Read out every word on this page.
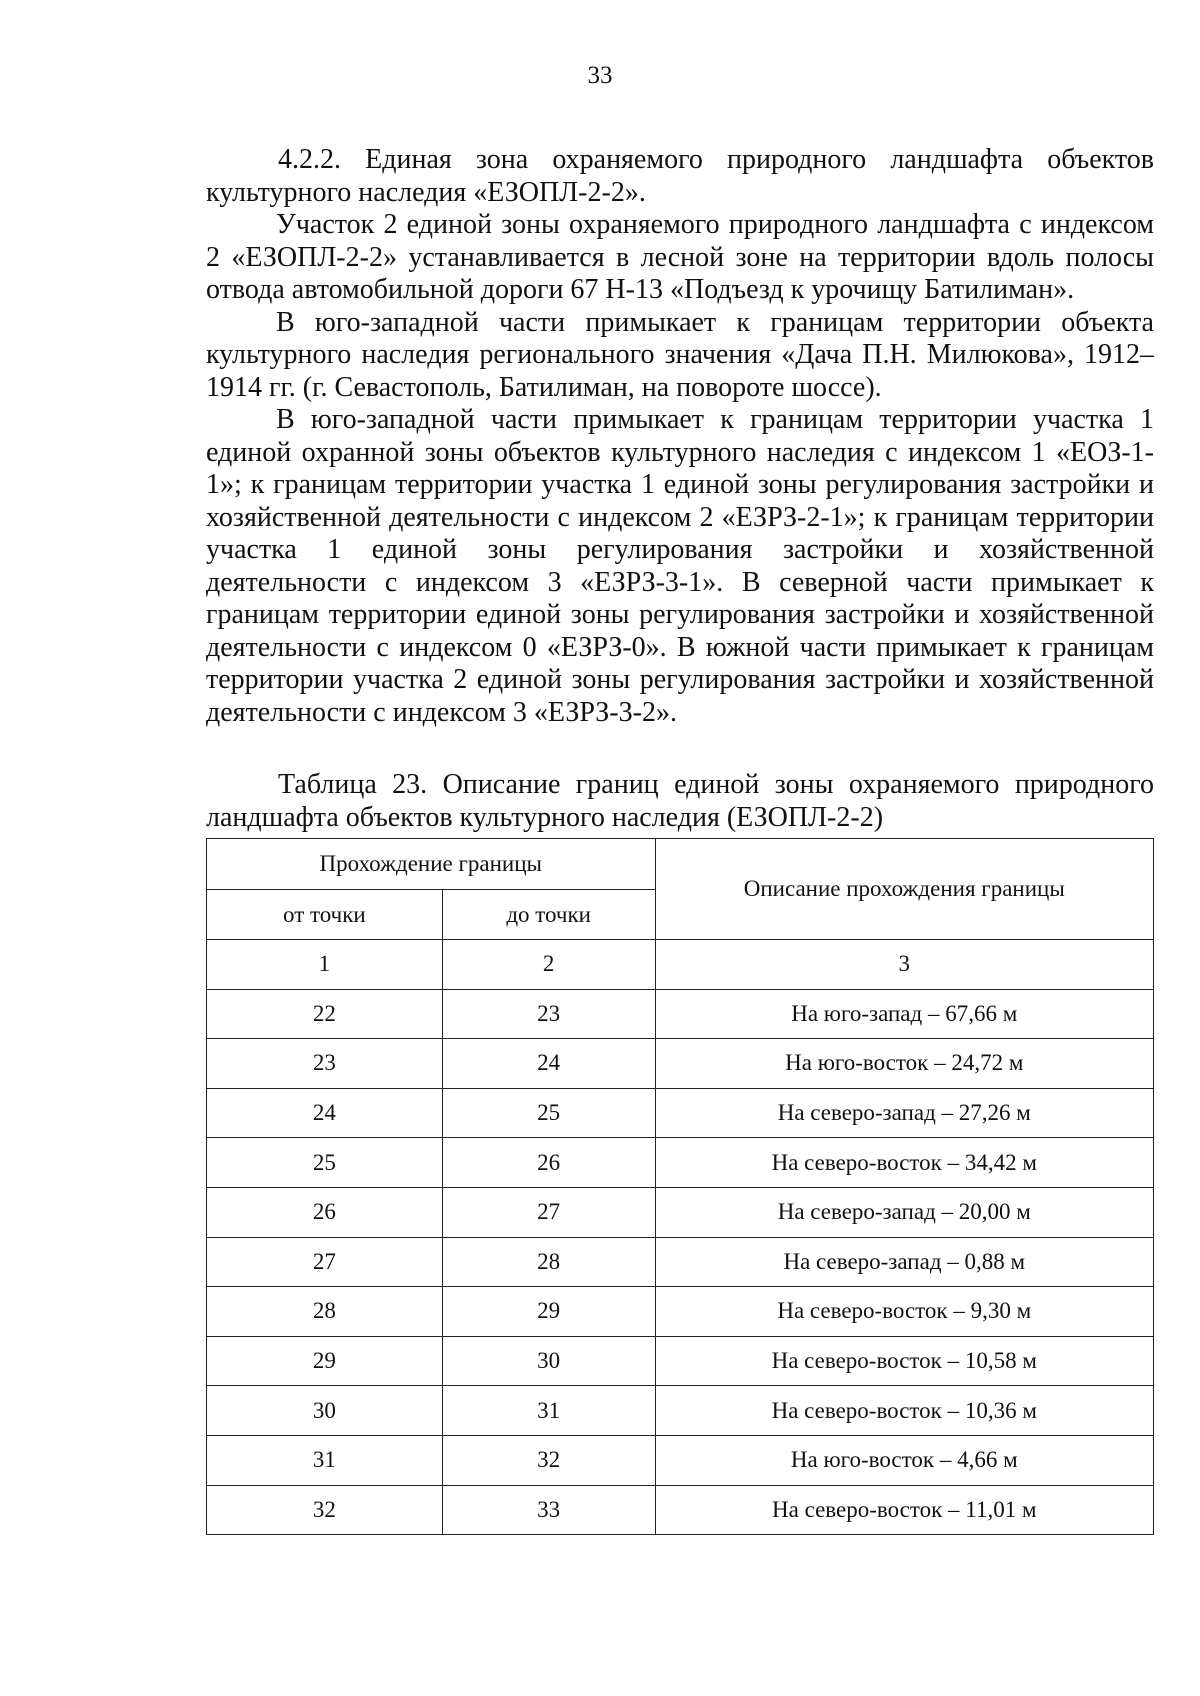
33

4.2.2. Единая зона охраняемого природного ландшафта объектов культурного наследия «ЕЗОПЛ-2-2».

Участок 2 единой зоны охраняемого природного ландшафта с индексом 2 «ЕЗОПЛ-2-2» устанавливается в лесной зоне на территории вдоль полосы отвода автомобильной дороги 67 Н-13 «Подъезд к урочищу Батилиман».

В юго-западной части примыкает к границам территории объекта культурного наследия регионального значения «Дача П.Н. Милюкова», 1912–1914 гг. (г. Севастополь, Батилиман, на повороте шоссе).

В юго-западной части примыкает к границам территории участка 1 единой охранной зоны объектов культурного наследия с индексом 1 «ЕОЗ-1-1»; к границам территории участка 1 единой зоны регулирования застройки и хозяйственной деятельности с индексом 2 «ЕЗРЗ-2-1»; к границам территории участка 1 единой зоны регулирования застройки и хозяйственной деятельности с индексом 3 «ЕЗРЗ-3-1». В северной части примыкает к границам территории единой зоны регулирования застройки и хозяйственной деятельности с индексом 0 «ЕЗРЗ-0». В южной части примыкает к границам территории участка 2 единой зоны регулирования застройки и хозяйственной деятельности с индексом 3 «ЕЗРЗ-3-2».

Таблица 23. Описание границ единой зоны охраняемого природного ландшафта объектов культурного наследия (ЕЗОПЛ-2-2)
Прохождение границы		Описание прохождения границы
от точки	до точки	
1	2	3
22	23	На юго-запад – 67,66 м
23	24	На юго-восток – 24,72 м
24	25	На северо-запад – 27,26 м
25	26	На северо-восток – 34,42 м
26	27	На северо-запад – 20,00 м
27	28	На северо-запад – 0,88 м
28	29	На северо-восток – 9,30 м
29	30	На северо-восток – 10,58 м
30	31	На северо-восток – 10,36 м
31	32	На юго-восток – 4,66 м
32	33	На северо-восток – 11,01 м
